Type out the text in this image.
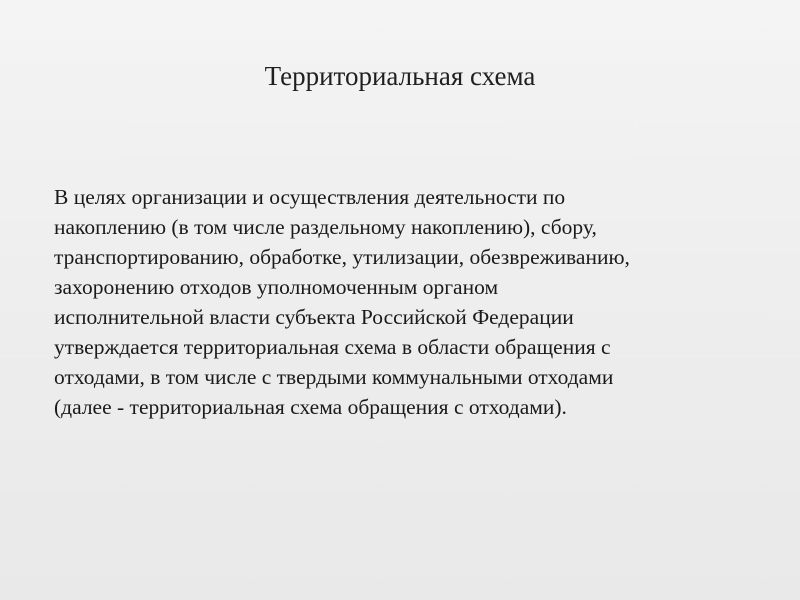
Территориальная схема

В целях организации и осуществления деятельности по
накоплению (в том числе раздельному накоплению), сбору,
транспортированию, обработке, утилизации, обезвреживанию,
захоронению отходов уполномоченным органом
исполнительной власти субъекта Российской Федерации
утверждается территориальная схема в области обращения с
отходами, в том числе с твердыми коммунальными отходами
(далее - территориальная схема обращения с отходами).
